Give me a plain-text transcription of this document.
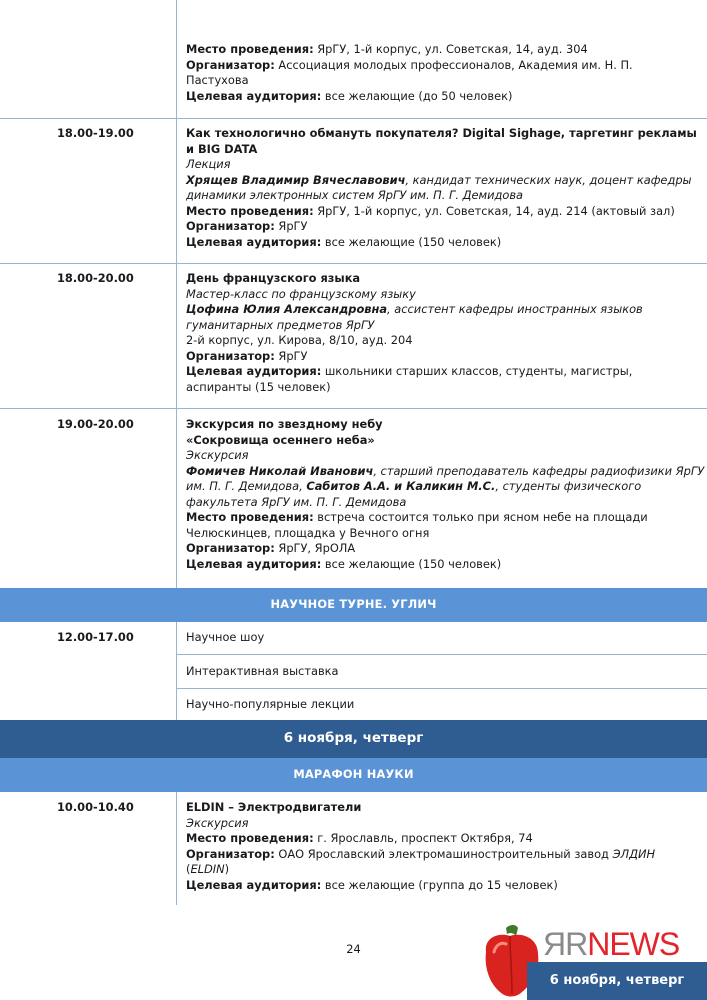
Место проведения: ЯрГУ, 1-й корпус, ул. Советская, 14, ауд. 304
Организатор: Ассоциация молодых профессионалов, Академия им. Н. П.
Пастухова
Целевая аудитория: все желающие (до 50 человек)
18.00-19.00	Как технологично обмануть покупателя? Digital Sighage, таргетинг рекламы
и BIG DATA
Лекция
Хрящев Владимир Вячеславович, кандидат технических наук, доцент кафедры
динамики электронных систем ЯрГУ им. П. Г. Демидова
Место проведения: ЯрГУ, 1-й корпус, ул. Советская, 14, ауд. 214 (актовый зал)
Организатор: ЯрГУ
Целевая аудитория: все желающие (150 человек)
18.00-20.00	День французского языка
Мастер-класс по французскому языку
Цофина Юлия Александровна, ассистент кафедры иностранных языков
гуманитарных предметов ЯрГУ
2-й корпус, ул. Кирова, 8/10, ауд. 204
Организатор: ЯрГУ
Целевая аудитория: школьники старших классов, студенты, магистры,
аспиранты (15 человек)
19.00-20.00	Экскурсия по звездному небу
«Сокровища осеннего неба»
Экскурсия
Фомичев Николай Иванович, старший преподаватель кафедры радиофизики ЯрГУ
им. П. Г. Демидова, Сабитов А.А. и Каликин М.С., студенты физического
факультета ЯрГУ им. П. Г. Демидова
Место проведения: встреча состоится только при ясном небе на площади
Челюскинцев, площадка у Вечного огня
Организатор: ЯрГУ, ЯрОЛА
Целевая аудитория: все желающие (150 человек)
НАУЧНОЕ ТУРНЕ. УГЛИЧ
12.00-17.00	Научное шоу
Интерактивная выставка
Научно-популярные лекции
6 ноября, четверг
МАРАФОН НАУКИ
10.00-10.40	ELDIN – Электродвигатели
Экскурсия
Место проведения: г. Ярославль, проспект Октября, 74
Организатор: ОАО Ярославский электромашиностроительный завод ЭЛДИН
(ELDIN)
Целевая аудитория: все желающие (группа до 15 человек)
24	ЯRNEWS
6 ноября, четверг
